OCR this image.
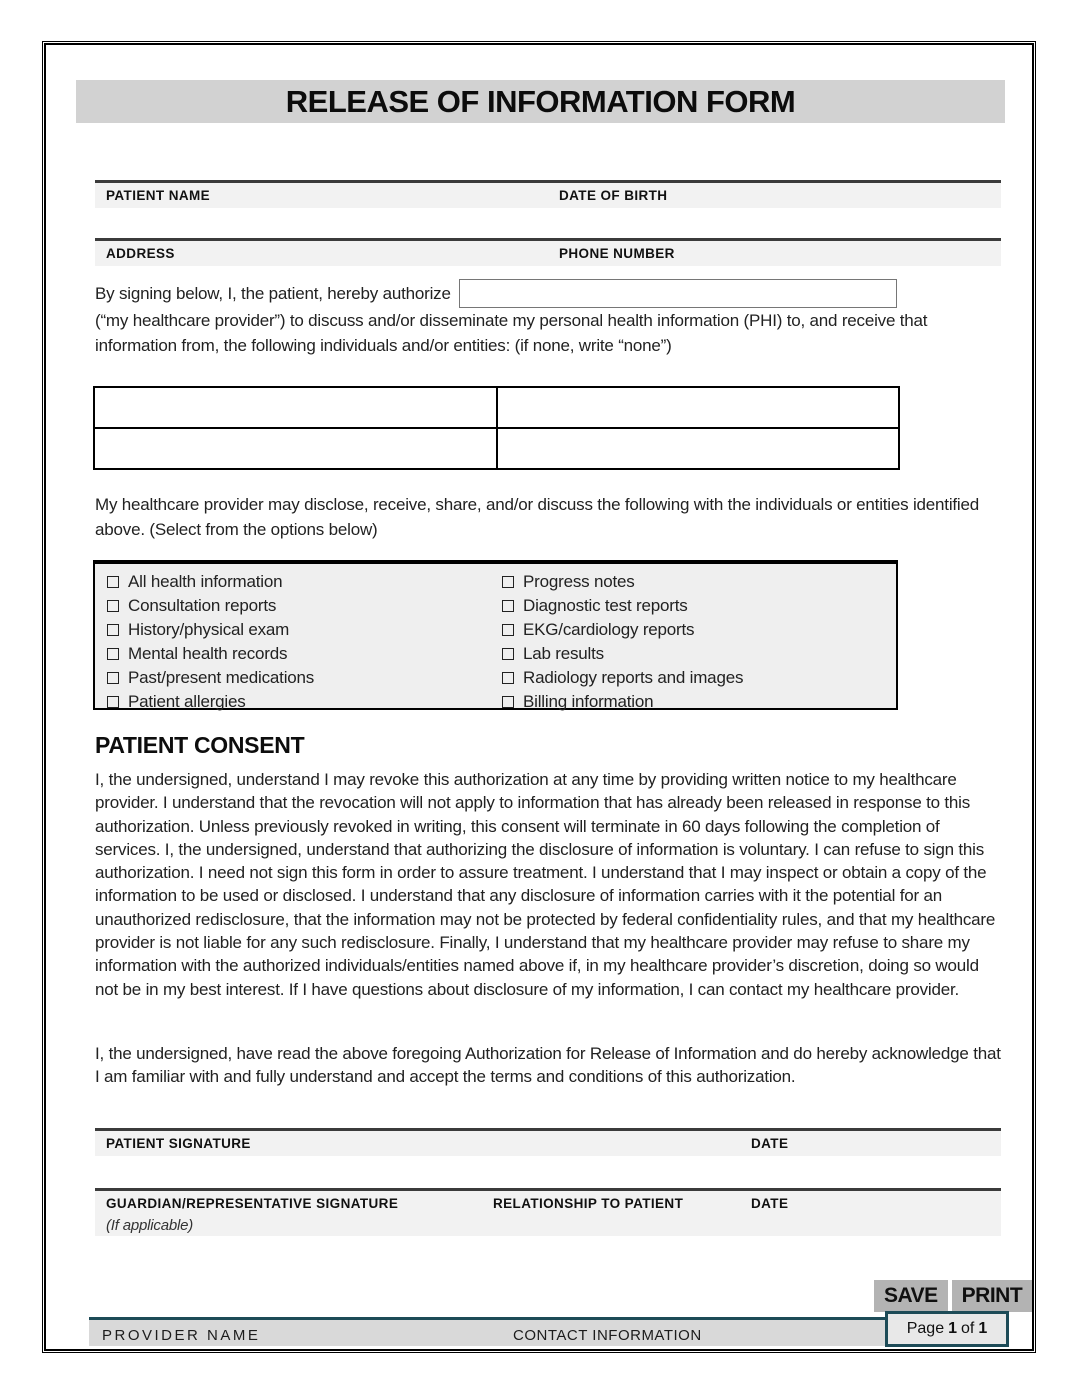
RELEASE OF INFORMATION FORM
PATIENT NAME	DATE OF BIRTH
ADDRESS	PHONE NUMBER
By signing below, I, the patient, hereby authorize
(“my healthcare provider”) to discuss and/or disseminate my personal health information (PHI) to, and receive that information from, the following individuals and/or entities: (if none, write “none”)

My healthcare provider may disclose, receive, share, and/or discuss the following with the individuals or entities identified above. (Select from the options below)
All health information
Consultation reports
History/physical exam
Mental health records
Past/present medications
Patient allergies
Progress notes
Diagnostic test reports
EKG/cardiology reports
Lab results
Radiology reports and images
Billing information
PATIENT CONSENT
I, the undersigned, understand I may revoke this authorization at any time by providing written notice to my healthcare provider. I understand that the revocation will not apply to information that has already been released in response to this authorization. Unless previously revoked in writing, this consent will terminate in 60 days following the completion of services. I, the undersigned, understand that authorizing the disclosure of information is voluntary. I can refuse to sign this authorization. I need not sign this form in order to assure treatment. I understand that I may inspect or obtain a copy of the information to be used or disclosed. I understand that any disclosure of information carries with it the potential for an unauthorized redisclosure, that the information may not be protected by federal confidentiality rules, and that my healthcare provider is not liable for any such redisclosure. Finally, I understand that my healthcare provider may refuse to share my information with the authorized individuals/entities named above if, in my healthcare provider’s discretion, doing so would not be in my best interest. If I have questions about disclosure of my information, I can contact my healthcare provider.
I, the undersigned, have read the above foregoing Authorization for Release of Information and do hereby acknowledge that I am familiar with and fully understand and accept the terms and conditions of this authorization.
PATIENT SIGNATURE	DATE
GUARDIAN/REPRESENTATIVE SIGNATURE	RELATIONSHIP TO PATIENT	DATE
(If applicable)
SAVE	PRINT
PROVIDER NAME	CONTACT INFORMATION	Page 1 of 1
